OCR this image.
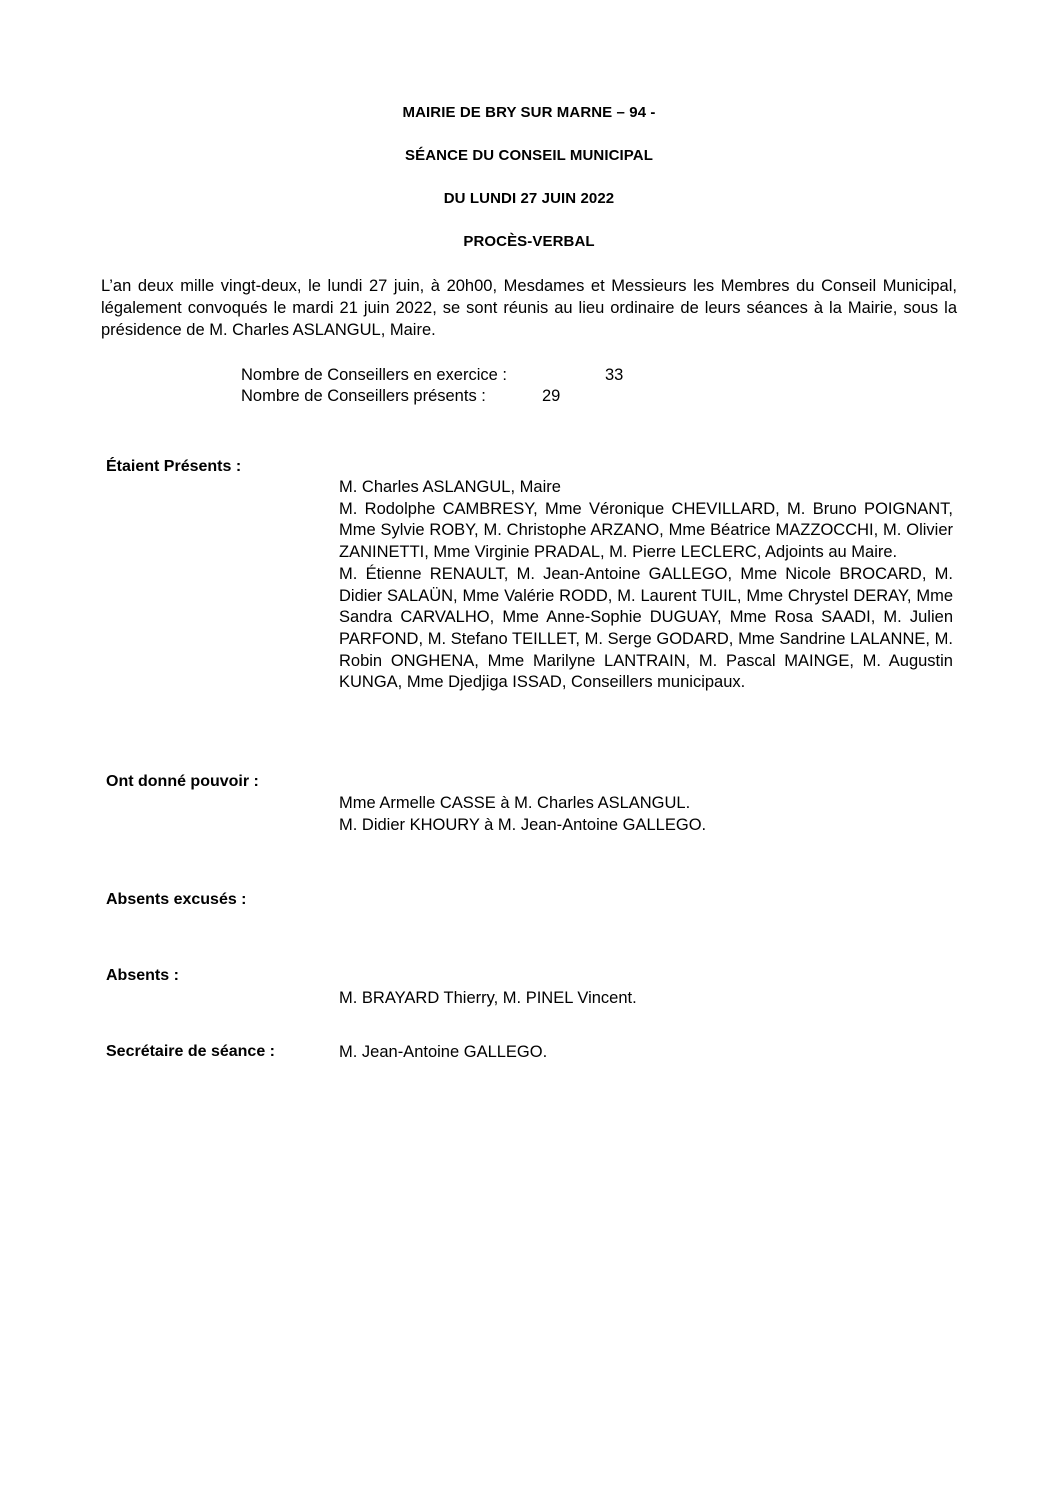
MAIRIE DE BRY SUR MARNE – 94 -
SÉANCE DU CONSEIL MUNICIPAL
DU LUNDI 27 JUIN 2022
PROCÈS-VERBAL
L’an deux mille vingt-deux, le lundi 27 juin, à 20h00, Mesdames et Messieurs les Membres du Conseil Municipal, légalement convoqués le mardi 21 juin 2022, se sont réunis au lieu ordinaire de leurs séances à la Mairie, sous la présidence de M. Charles ASLANGUL, Maire.
Nombre de Conseillers en exercice :	33
Nombre de Conseillers présents :	29
Étaient Présents :
M. Charles ASLANGUL, Maire
M. Rodolphe CAMBRESY, Mme Véronique CHEVILLARD, M. Bruno POIGNANT, Mme Sylvie ROBY, M. Christophe ARZANO, Mme Béatrice MAZZOCCHI, M. Olivier ZANINETTI, Mme Virginie PRADAL, M. Pierre LECLERC, Adjoints au Maire.
M. Étienne RENAULT, M. Jean-Antoine GALLEGO, Mme Nicole BROCARD, M. Didier SALAÜN, Mme Valérie RODD, M. Laurent TUIL, Mme Chrystel DERAY, Mme Sandra CARVALHO, Mme Anne-Sophie DUGUAY, Mme Rosa SAADI, M. Julien PARFOND, M. Stefano TEILLET, M. Serge GODARD, Mme Sandrine LALANNE, M. Robin ONGHENA, Mme Marilyne LANTRAIN, M. Pascal MAINGE, M. Augustin KUNGA, Mme Djedjiga ISSAD, Conseillers municipaux.
Ont donné pouvoir :
Mme Armelle CASSE à M. Charles ASLANGUL.
M. Didier KHOURY à M. Jean-Antoine GALLEGO.
Absents excusés :
Absents :
M. BRAYARD Thierry, M. PINEL Vincent.
Secrétaire de séance :	M. Jean-Antoine GALLEGO.
